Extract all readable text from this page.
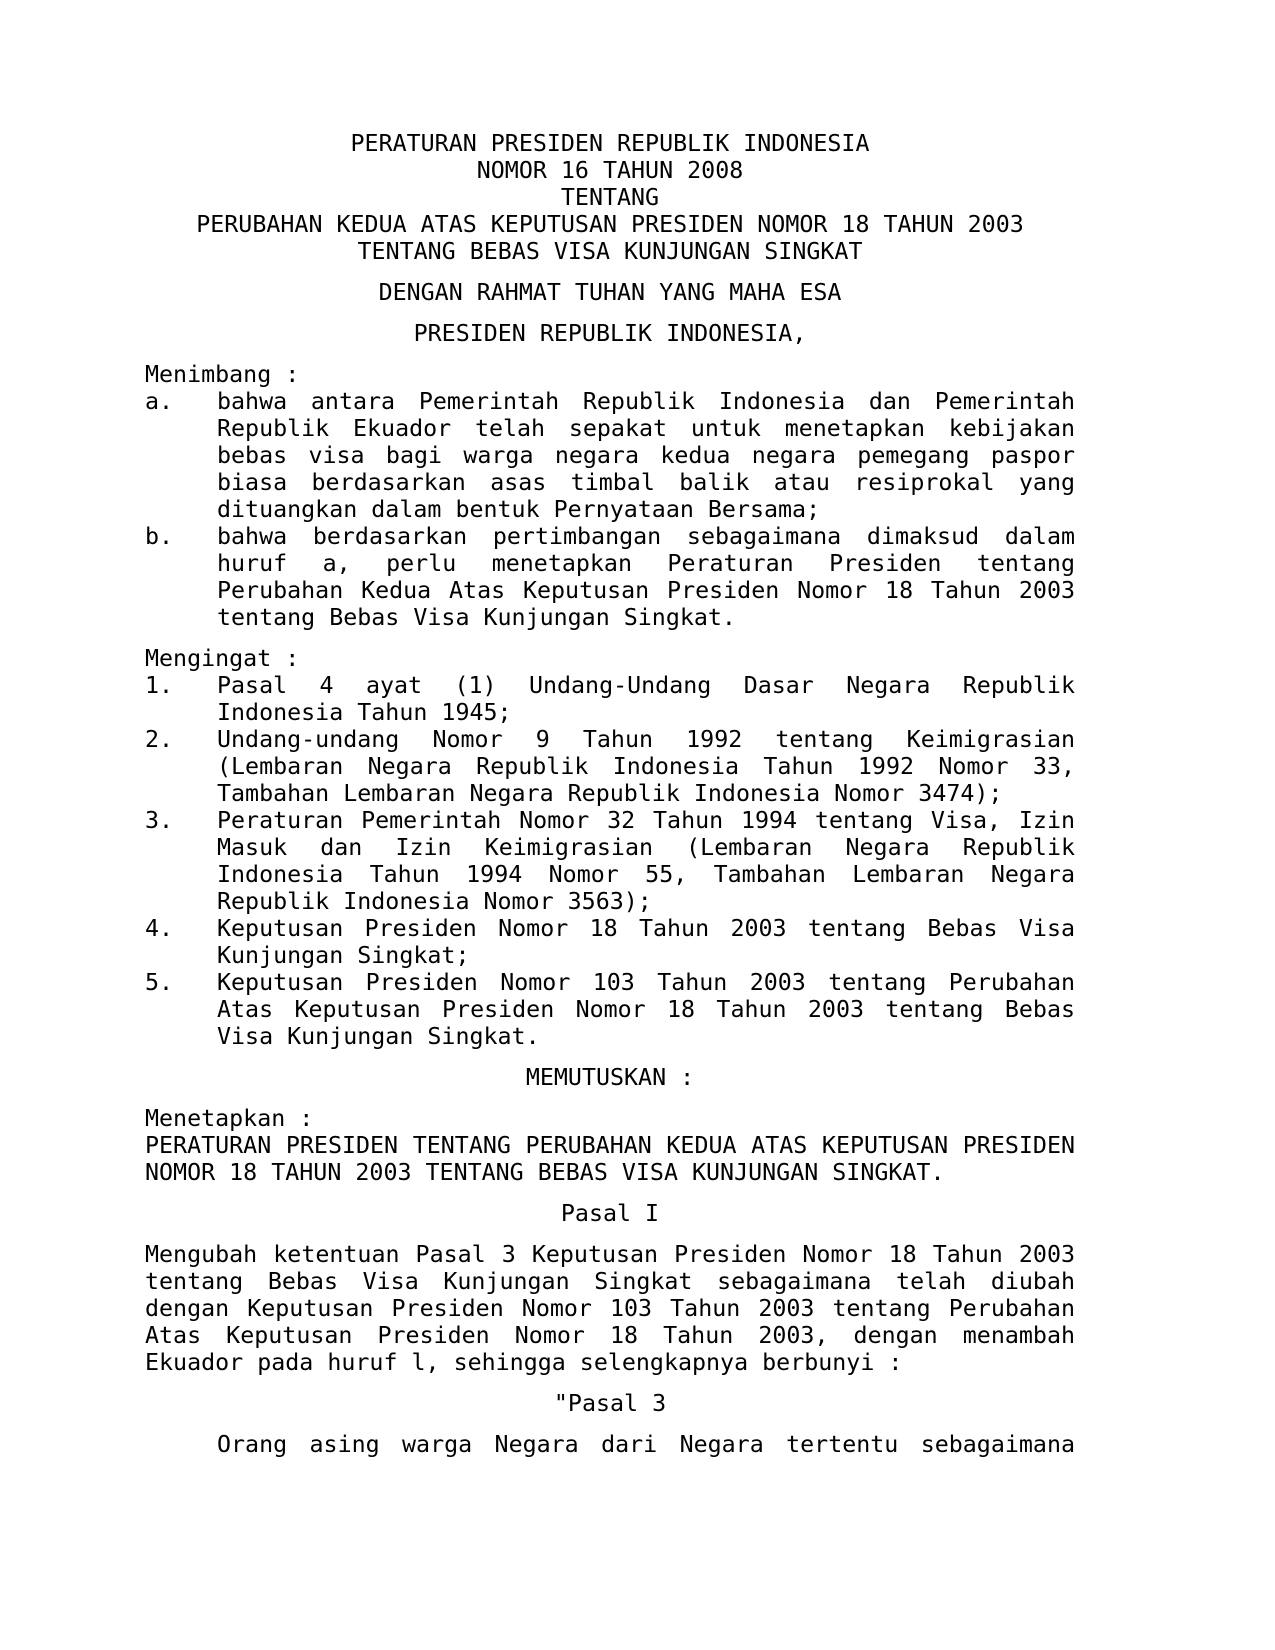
PERATURAN PRESIDEN REPUBLIK INDONESIA
NOMOR 16 TAHUN 2008
TENTANG
PERUBAHAN KEDUA ATAS KEPUTUSAN PRESIDEN NOMOR 18 TAHUN 2003
TENTANG BEBAS VISA KUNJUNGAN SINGKAT
DENGAN RAHMAT TUHAN YANG MAHA ESA
PRESIDEN REPUBLIK INDONESIA,
Menimbang :
a. bahwa antara Pemerintah Republik Indonesia dan Pemerintah Republik Ekuador telah sepakat untuk menetapkan kebijakan bebas visa bagi warga negara kedua negara pemegang paspor biasa berdasarkan asas timbal balik atau resiprokal yang dituangkan dalam bentuk Pernyataan Bersama;
b. bahwa berdasarkan pertimbangan sebagaimana dimaksud dalam huruf a, perlu menetapkan Peraturan Presiden tentang Perubahan Kedua Atas Keputusan Presiden Nomor 18 Tahun 2003 tentang Bebas Visa Kunjungan Singkat.
Mengingat :
1. Pasal 4 ayat (1) Undang-Undang Dasar Negara Republik Indonesia Tahun 1945;
2. Undang-undang Nomor 9 Tahun 1992 tentang Keimigrasian (Lembaran Negara Republik Indonesia Tahun 1992 Nomor 33, Tambahan Lembaran Negara Republik Indonesia Nomor 3474);
3. Peraturan Pemerintah Nomor 32 Tahun 1994 tentang Visa, Izin Masuk dan Izin Keimigrasian (Lembaran Negara Republik Indonesia Tahun 1994 Nomor 55, Tambahan Lembaran Negara Republik Indonesia Nomor 3563);
4. Keputusan Presiden Nomor 18 Tahun 2003 tentang Bebas Visa Kunjungan Singkat;
5. Keputusan Presiden Nomor 103 Tahun 2003 tentang Perubahan Atas Keputusan Presiden Nomor 18 Tahun 2003 tentang Bebas Visa Kunjungan Singkat.
MEMUTUSKAN :
Menetapkan :
PERATURAN PRESIDEN TENTANG PERUBAHAN KEDUA ATAS KEPUTUSAN PRESIDEN NOMOR 18 TAHUN 2003 TENTANG BEBAS VISA KUNJUNGAN SINGKAT.
Pasal I
Mengubah ketentuan Pasal 3 Keputusan Presiden Nomor 18 Tahun 2003 tentang Bebas Visa Kunjungan Singkat sebagaimana telah diubah dengan Keputusan Presiden Nomor 103 Tahun 2003 tentang Perubahan Atas Keputusan Presiden Nomor 18 Tahun 2003, dengan menambah Ekuador pada huruf l, sehingga selengkapnya berbunyi :
"Pasal 3
Orang asing warga Negara dari Negara tertentu sebagaimana
